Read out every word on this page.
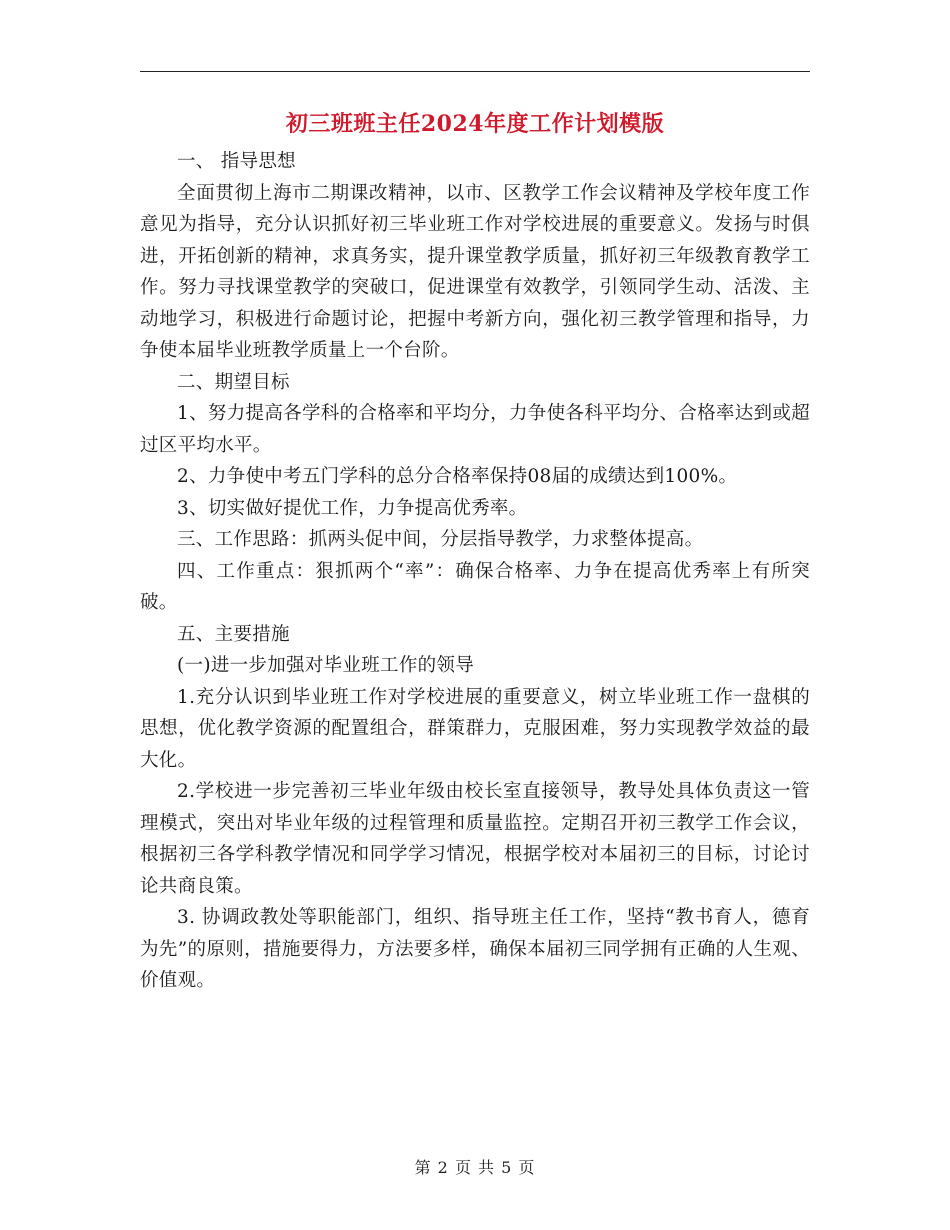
初三班班主任2024年度工作计划模版

一、 指导思想

全面贯彻上海市二期课改精神，以市、区教学工作会议精神及学校年度工作意见为指导，充分认识抓好初三毕业班工作对学校进展的重要意义。发扬与时俱进，开拓创新的精神，求真务实，提升课堂教学质量，抓好初三年级教育教学工作。努力寻找课堂教学的突破口，促进课堂有效教学，引领同学生动、活泼、主动地学习，积极进行命题讨论，把握中考新方向，强化初三教学管理和指导，力争使本届毕业班教学质量上一个台阶。

二、期望目标

1、努力提高各学科的合格率和平均分，力争使各科平均分、合格率达到或超过区平均水平。

2、力争使中考五门学科的总分合格率保持08届的成绩达到100%。

3、切实做好提优工作，力争提高优秀率。

三、工作思路：抓两头促中间，分层指导教学，力求整体提高。

四、工作重点：狠抓两个“率”：确保合格率、力争在提高优秀率上有所突破。

五、主要措施

(一)进一步加强对毕业班工作的领导

1.充分认识到毕业班工作对学校进展的重要意义，树立毕业班工作一盘棋的思想，优化教学资源的配置组合，群策群力，克服困难，努力实现教学效益的最大化。

2.学校进一步完善初三毕业年级由校长室直接领导，教导处具体负责这一管理模式，突出对毕业年级的过程管理和质量监控。定期召开初三教学工作会议，根据初三各学科教学情况和同学学习情况，根据学校对本届初三的目标，讨论讨论共商良策。

3. 协调政教处等职能部门，组织、指导班主任工作，坚持“教书育人，德育为先”的原则，措施要得力，方法要多样，确保本届初三同学拥有正确的人生观、价值观。

第 2 页 共 5 页
